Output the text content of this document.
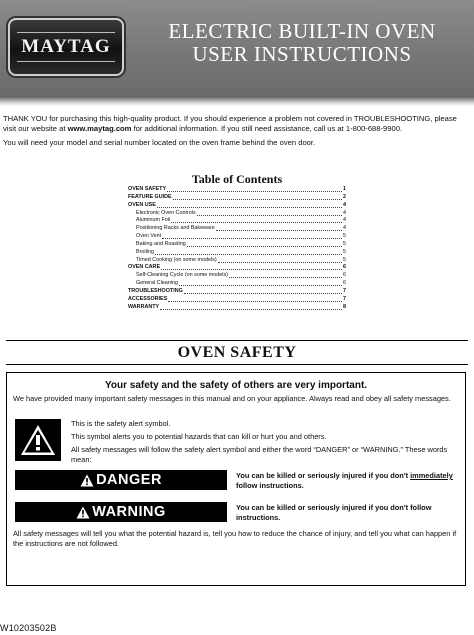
MAYTAG
ELECTRIC BUILT-IN OVEN
USER INSTRUCTIONS

THANK YOU for purchasing this high-quality product. If you should experience a problem not covered in TROUBLESHOOTING, please visit our website at www.maytag.com for additional information. If you still need assistance, call us at 1-800-688-9900.

You will need your model and serial number located on the oven frame behind the oven door.

Table of Contents
OVEN SAFETY	1
FEATURE GUIDE	2
OVEN USE	4
Electronic Oven Controls	4
Aluminum Foil	4
Positioning Racks and Bakeware	4
Oven Vent	5
Baking and Roasting	5
Broiling	5
Timed Cooking (on some models)	5
OVEN CARE	6
Self-Cleaning Cycle (on some models)	6
General Cleaning	6
TROUBLESHOOTING	7
ACCESSORIES	7
WARRANTY	8
OVEN SAFETY
Your safety and the safety of others are very important.
We have provided many important safety messages in this manual and on your appliance. Always read and obey all safety messages.

This is the safety alert symbol.

This symbol alerts you to potential hazards that can kill or hurt you and others.

All safety messages will follow the safety alert symbol and either the word “DANGER” or “WARNING.” These words mean:

DANGER	You can be killed or seriously injured if you don't immediately follow instructions.
WARNING	You can be killed or seriously injured if you don't follow instructions.
All safety messages will tell you what the potential hazard is, tell you how to reduce the chance of injury, and tell you what can happen if the instructions are not followed.
W10203502B
